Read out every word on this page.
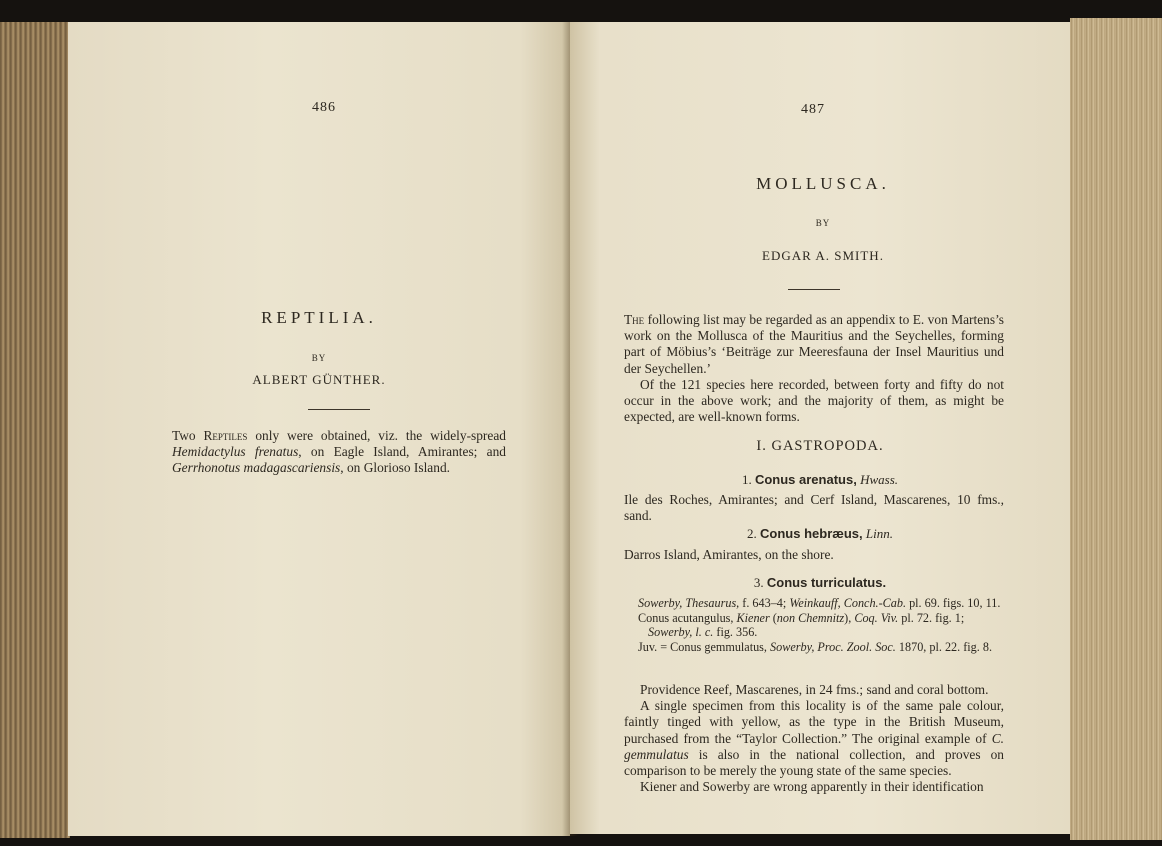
486
REPTILIA.
BY
ALBERT GÜNTHER.

Two Reptiles only were obtained, viz. the widely-spread Hemidactylus frenatus, on Eagle Island, Amirantes; and Gerrhonotus madagascariensis, on Glorioso Island.

487
MOLLUSCA.
BY
EDGAR A. SMITH.

The following list may be regarded as an appendix to E. von Martens’s work on the Mollusca of the Mauritius and the Seychelles, forming part of Möbius’s ‘Beiträge zur Meeresfauna der Insel Mauritius und der Seychellen.’

Of the 121 species here recorded, between forty and fifty do not occur in the above work; and the majority of them, as might be expected, are well-known forms.

I. GASTROPODA.
1. Conus arenatus, Hwass.

Ile des Roches, Amirantes; and Cerf Island, Mascarenes, 10 fms., sand.

2. Conus hebræus, Linn.

Darros Island, Amirantes, on the shore.

3. Conus turriculatus.

Sowerby, Thesaurus, f. 643–4; Weinkauff, Conch.-Cab. pl. 69. figs. 10, 11.

Conus acutangulus, Kiener (non Chemnitz), Coq. Viv. pl. 72. fig. 1;

Sowerby, l. c. fig. 356.

Juv. = Conus gemmulatus, Sowerby, Proc. Zool. Soc. 1870, pl. 22. fig. 8.

Providence Reef, Mascarenes, in 24 fms.; sand and coral bottom.

A single specimen from this locality is of the same pale colour, faintly tinged with yellow, as the type in the British Museum, purchased from the “Taylor Collection.” The original example of C. gemmulatus is also in the national collection, and proves on comparison to be merely the young state of the same species.

Kiener and Sowerby are wrong apparently in their identification
